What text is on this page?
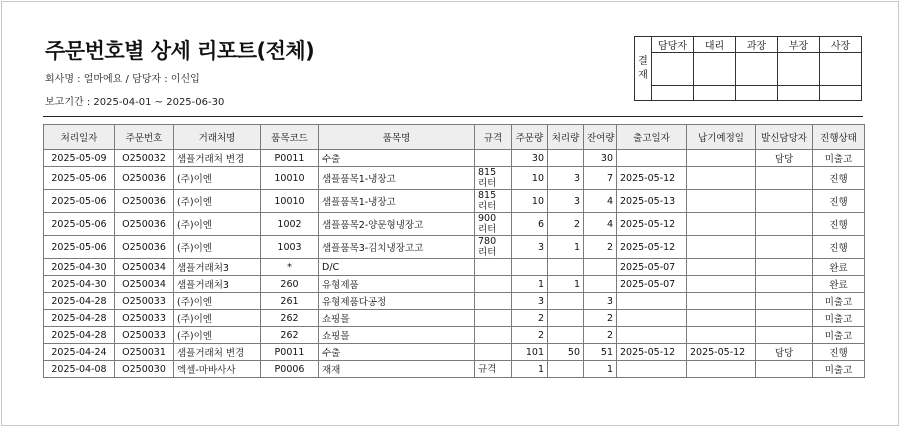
주문번호별 상세 리포트(전체)
회사명 : 얼마에요 / 담당자 : 이신입
보고기간 : 2025-04-01 ~ 2025-06-30
결
재	담당자	대리	과장	부장	사장

처리일자	주문번호	거래처명	품목코드	품목명	규격	주문량	처리량	잔여량	출고일자	납기예정일	발신담당자	진행상태
2025-05-09	O250032	샘플거래처 변경	P0011	수출		30		30			담당	미출고
2025-05-06	O250036	(주)이엔	10010	샘플품목1-냉장고	815 리터	10	3	7	2025-05-12			진행
2025-05-06	O250036	(주)이엔	10010	샘플품목1-냉장고	815 리터	10	3	4	2025-05-13			진행
2025-05-06	O250036	(주)이엔	1002	샘플품목2-양문형냉장고	900 리터	6	2	4	2025-05-12			진행
2025-05-06	O250036	(주)이엔	1003	샘플품목3-김치냉장고고	780 리터	3	1	2	2025-05-12			진행
2025-04-30	O250034	샘플거래처3	*	D/C					2025-05-07			완료
2025-04-30	O250034	샘플거래처3	260	유형제품		1	1		2025-05-07			완료
2025-04-28	O250033	(주)이엔	261	유형제품다공정		3		3				미출고
2025-04-28	O250033	(주)이엔	262	쇼핑몰		2		2				미출고
2025-04-28	O250033	(주)이엔	262	쇼핑몰		2		2				미출고
2025-04-24	O250031	샘플거래처 변경	P0011	수출		101	50	51	2025-05-12	2025-05-12	담당	진행
2025-04-08	O250030	엑셀-마바사사	P0006	재재	규격	1		1				미출고
